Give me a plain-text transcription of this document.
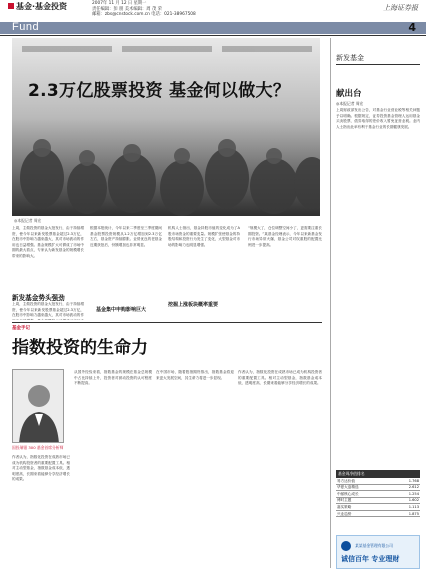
基金·基金投资	2007年 11 月 12 日 星期一
责任编辑：彭 朋 美术编辑：周 茂 荣
邮箱：zbs@cnstock.com.cn 电话：021-38967508
上海证券报
Fund	4
2.3万亿股票投资 基金何以做大？
◎本报记者 周宏
上周，主做投资的基金大批发行，由于持续增资，使今年以来新发股票基金超过2.3万亿，在股市中影响力越来越大，其对市场波动的作用也日益增强。基金规模扩大可谓成了市场中期的最大看点，专家认为新发基金的规模增长带来的影响大。
新发基金势头强劲
上周，主做投资的基金大批发行，由于持续增资，使今年以来新发股票基金超过2.3万亿，在股市中影响力越来越大，其对市场波动的作
根据本报统计，今年以来二季度至三季度期间基金股票投资规模从1.2万亿增加到2.3万亿左右，基金资产持续膨胀。业绩优良的老基金近期获批后，份额增加也非常明显。
机构人士指出，基金持股市值的变化成为了A股市场资金的重要变量。规模扩张使基金的持股结构和投资行为发生了变化，大型基金对市场的影响力也明显增强。
挖掘上涨板块概率重要
“规模大了，仓位调整空间小了，更需要注重长期投资。”某基金经理表示，今年以来新基金发行市场异常火爆，基金公司对权重股的配置比例进一步提高。
基金集中申购影响巨大
新发基金
献出台
◎本报记者 周宏
上周财政部发出公告，对基金行业营业税等相关问题予以明确。根据规定，证券投资基金管理人运用基金买卖股票、债券取得的差价收入暂免征营业税。业内人士指出此举有利于基金行业的长期健康发展。
基金手记
指数投资的生命力
国投瑞银 300 基金首席分析师
作者认为，指数化投资在成熟市场已成为机构投资者的重要配置工具。相对主动型基金，指数基金成本低、透明度高，长期来看能够分享经济增长的成果。
从国外经验来看，指数基金的规模在基金总规模中占比持续上升，投资者对被动投资的认可程度不断提高。
在中国市场，随着股指期货推出，指数基金将迎来更大发展空间，其生命力将进一步显现。
作者认为，指数化投资在成熟市场已成为机构投资者的重要配置工具。相对主动型基金，指数基金成本低、透明度高，长期来看能够分享经济增长的成果。
基金周净值排名
易方达价值	1.768
华夏大盘精选	2.612
中邮核心成长	1.254
博时主题	1.602
嘉实策略	1.113
兴业趋势	1.875
某某基金管理有限公司
诚信百年 专业理财
